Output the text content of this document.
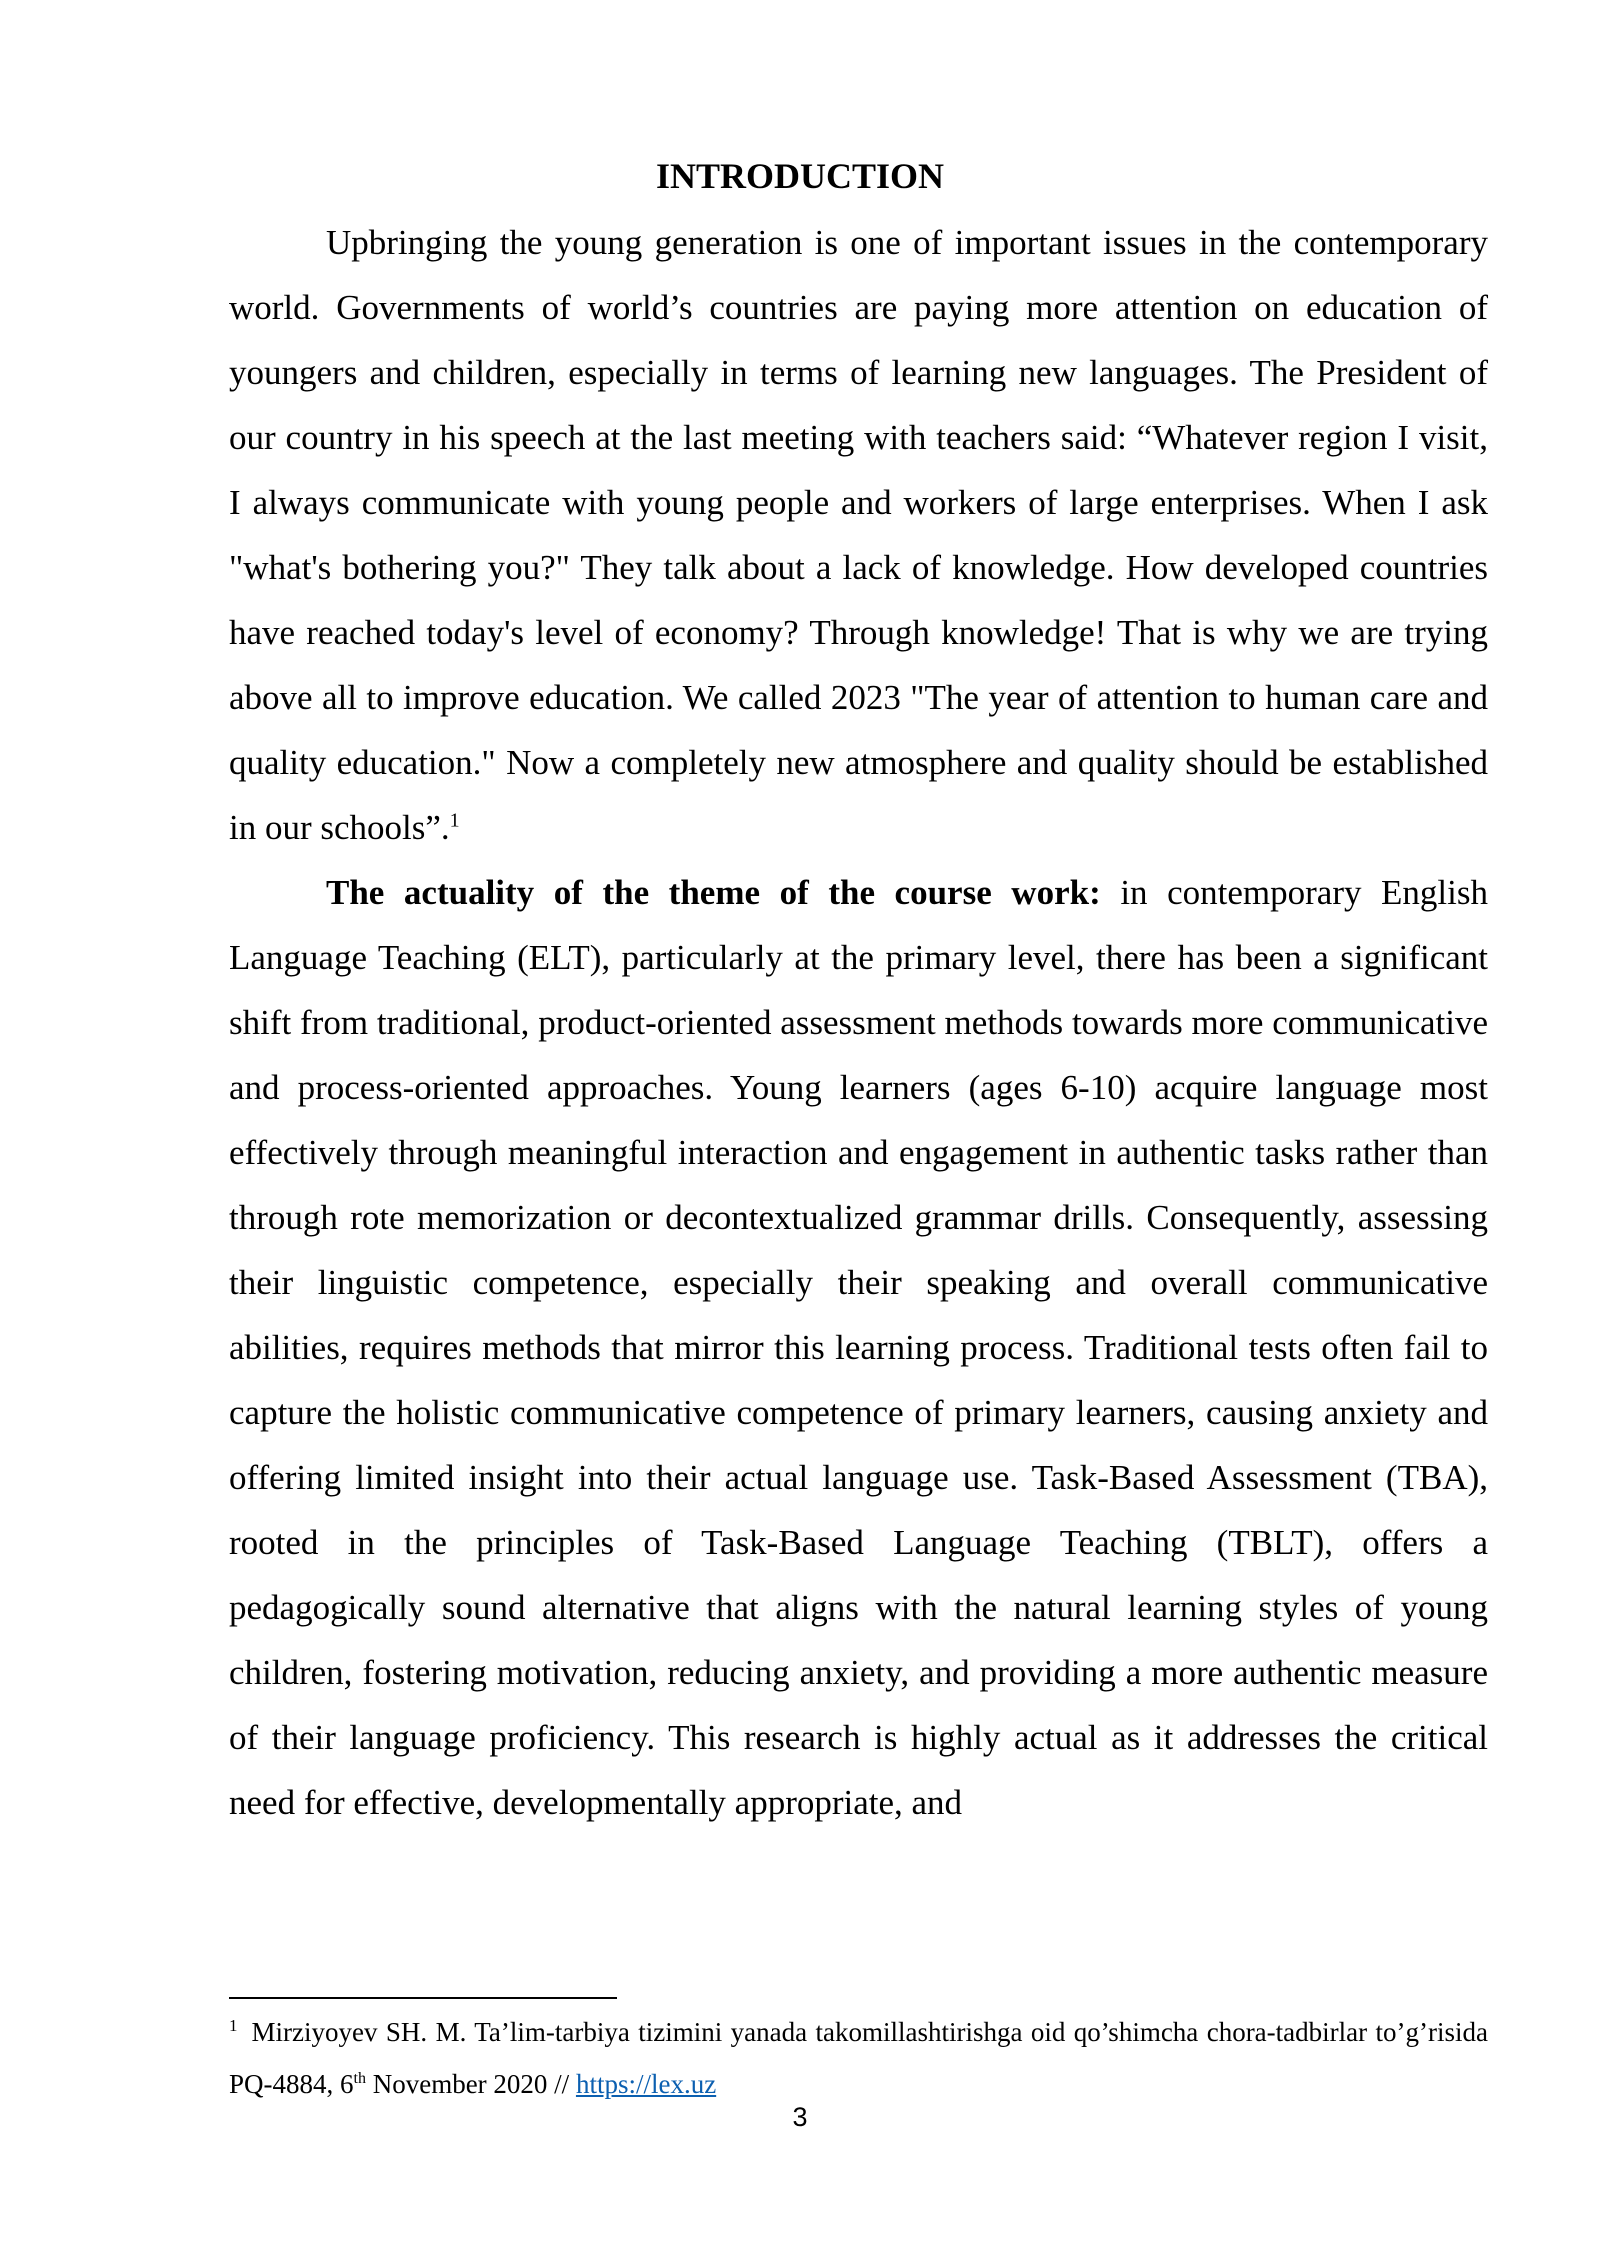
INTRODUCTION

Upbringing the young generation is one of important issues in the contemporary world. Governments of world’s countries are paying more attention on education of youngers and children, especially in terms of learning new languages. The President of our country in his speech at the last meeting with teachers said: “Whatever region I visit, I always communicate with young people and workers of large enterprises. When I ask "what's bothering you?" They talk about a lack of knowledge. How developed countries have reached today's level of economy? Through knowledge! That is why we are trying above all to improve education. We called 2023 "The year of attention to human care and quality education." Now a completely new atmosphere and quality should be established in our schools”.$^1$

The actuality of the theme of the course work: in contemporary English Language Teaching (ELT), particularly at the primary level, there has been a significant shift from traditional, product-oriented assessment methods towards more communicative and process-oriented approaches. Young learners (ages 6-10) acquire language most effectively through meaningful interaction and engagement in authentic tasks rather than through rote memorization or decontextualized grammar drills. Consequently, assessing their linguistic competence, especially their speaking and overall communicative abilities, requires methods that mirror this learning process. Traditional tests often fail to capture the holistic communicative competence of primary learners, causing anxiety and offering limited insight into their actual language use. Task-Based Assessment (TBA), rooted in the principles of Task-Based Language Teaching (TBLT), offers a pedagogically sound alternative that aligns with the natural learning styles of young children, fostering motivation, reducing anxiety, and providing a more authentic measure of their language proficiency. This research is highly actual as it addresses the critical need for effective, developmentally appropriate, and

$^1$ Mirziyoyev SH. M. Ta’lim-tarbiya tizimini yanada takomillashtirishga oid qo’shimcha chora-tadbirlar to’g’risida PQ-4884, 6th November 2020 // https://lex.uz
3
